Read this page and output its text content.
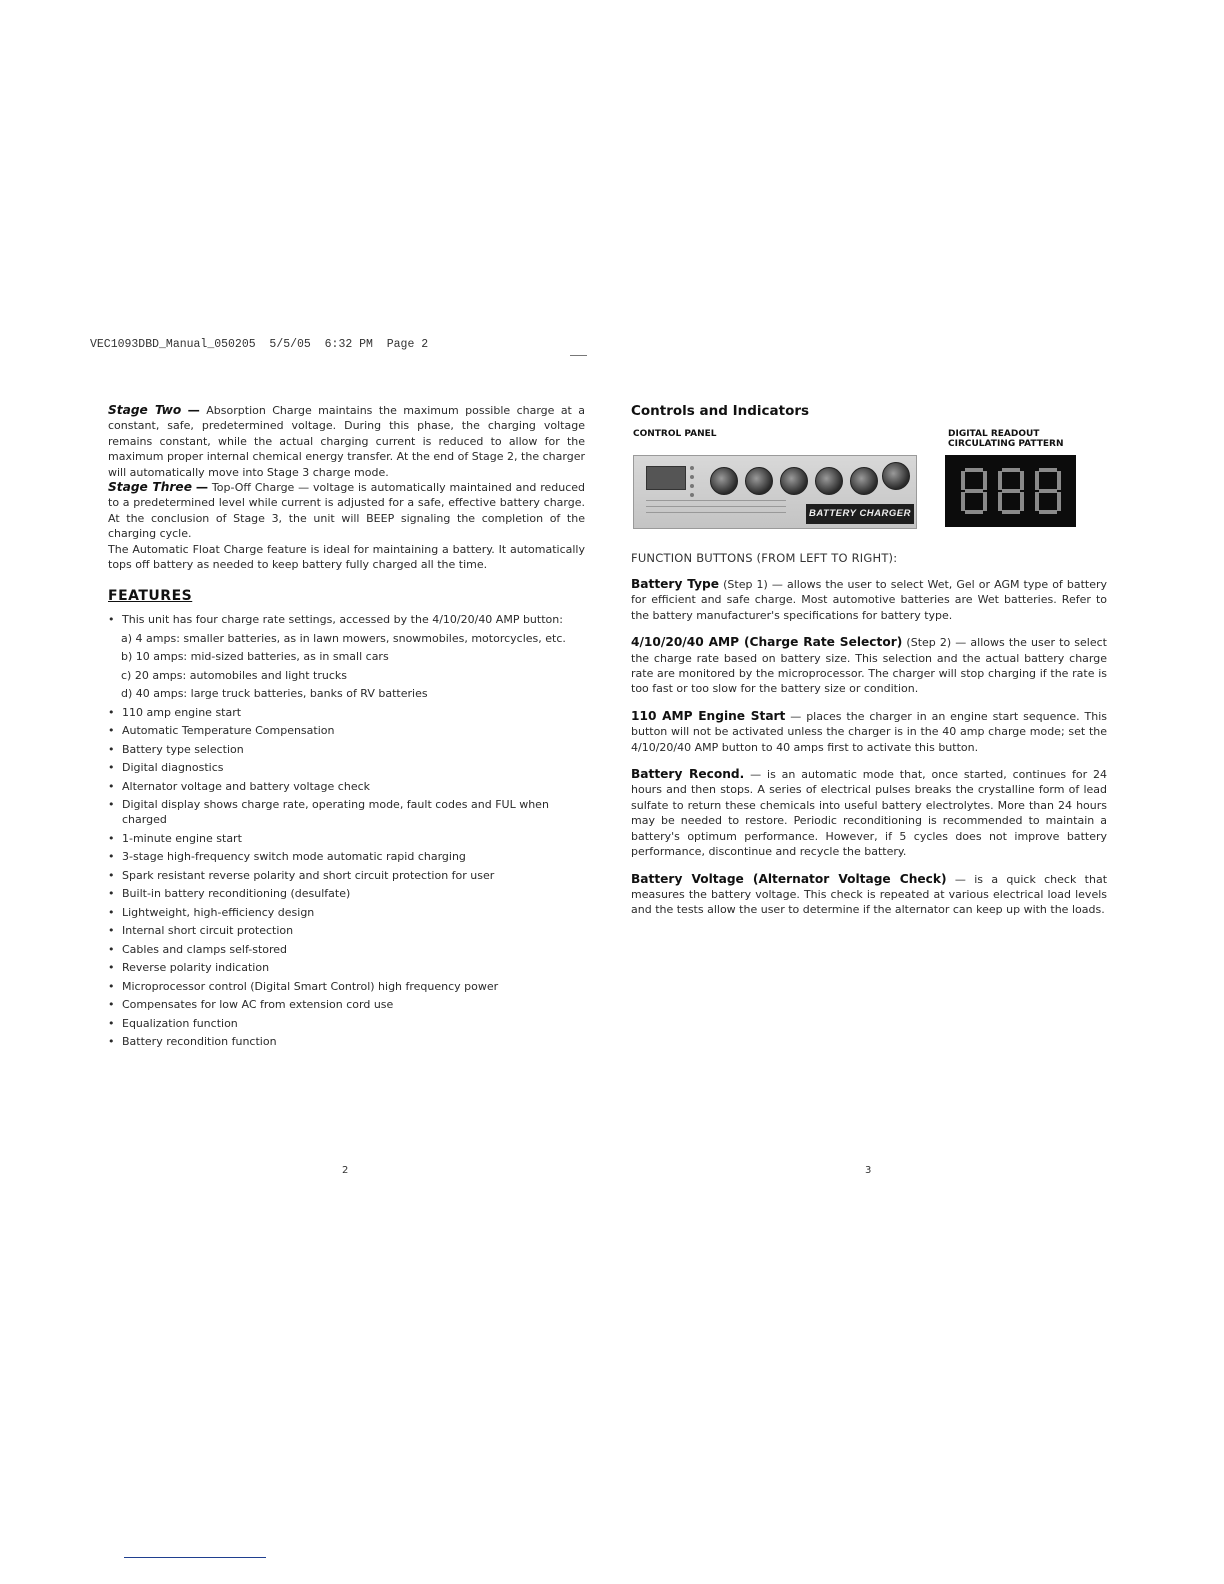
VEC1093DBD_Manual_050205  5/5/05  6:32 PM  Page 2

Stage Two — Absorption Charge maintains the maximum possible charge at a constant, safe, predetermined voltage. During this phase, the charging voltage remains constant, while the actual charging current is reduced to allow for the maximum proper internal chemical energy transfer. At the end of Stage 2, the charger will automatically move into Stage 3 charge mode.

Stage Three — Top-Off Charge — voltage is automatically maintained and reduced to a predetermined level while current is adjusted for a safe, effective battery charge. At the conclusion of Stage 3, the unit will BEEP signaling the completion of the charging cycle.

The Automatic Float Charge feature is ideal for maintaining a battery. It automatically tops off battery as needed to keep battery fully charged all the time.

FEATURES
• This unit has four charge rate settings, accessed by the 4/10/20/40 AMP button:
a) 4 amps: smaller batteries, as in lawn mowers, snowmobiles, motorcycles, etc.
b) 10 amps: mid-sized batteries, as in small cars
c) 20 amps: automobiles and light trucks
d) 40 amps: large truck batteries, banks of RV batteries
• 110 amp engine start
• Automatic Temperature Compensation
• Battery type selection
• Digital diagnostics
• Alternator voltage and battery voltage check
• Digital display shows charge rate, operating mode, fault codes and FUL when charged
• 1-minute engine start
• 3-stage high-frequency switch mode automatic rapid charging
• Spark resistant reverse polarity and short circuit protection for user
• Built-in battery reconditioning (desulfate)
• Lightweight, high-efficiency design
• Internal short circuit protection
• Cables and clamps self-stored
• Reverse polarity indication
• Microprocessor control (Digital Smart Control) high frequency power
• Compensates for low AC from extension cord use
• Equalization function
• Battery recondition function
Controls and Indicators
CONTROL PANEL	DIGITAL READOUT
CIRCULATING PATTERN
BATTERY CHARGER
FUNCTION BUTTONS (FROM LEFT TO RIGHT):

Battery Type (Step 1) — allows the user to select Wet, Gel or AGM type of battery for efficient and safe charge. Most automotive batteries are Wet batteries. Refer to the battery manufacturer's specifications for battery type.

4/10/20/40 AMP (Charge Rate Selector) (Step 2) — allows the user to select the charge rate based on battery size. This selection and the actual battery charge rate are monitored by the microprocessor. The charger will stop charging if the rate is too fast or too slow for the battery size or condition.

110 AMP Engine Start — places the charger in an engine start sequence. This button will not be activated unless the charger is in the 40 amp charge mode; set the 4/10/20/40 AMP button to 40 amps first to activate this button.

Battery Recond. — is an automatic mode that, once started, continues for 24 hours and then stops. A series of electrical pulses breaks the crystalline form of lead sulfate to return these chemicals into useful battery electrolytes. More than 24 hours may be needed to restore. Periodic reconditioning is recommended to maintain a battery's optimum performance. However, if 5 cycles does not improve battery performance, discontinue and recycle the battery.

Battery Voltage (Alternator Voltage Check) — is a quick check that measures the battery voltage. This check is repeated at various electrical load levels and the tests allow the user to determine if the alternator can keep up with the loads.

2	3
